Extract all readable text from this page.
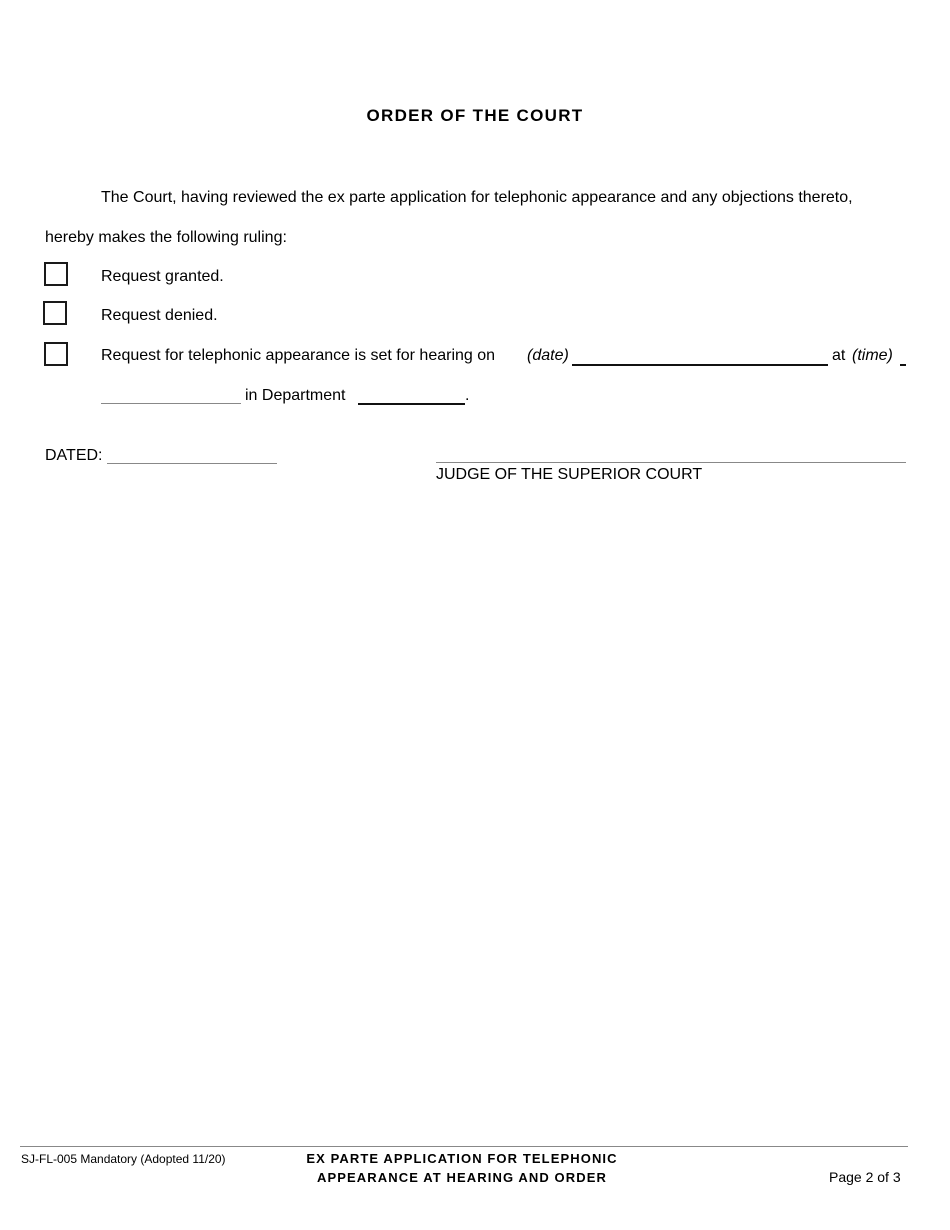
ORDER OF THE COURT
The Court, having reviewed the ex parte application for telephonic appearance and any objections thereto,
hereby makes the following ruling:
Request granted.
Request denied.
Request for telephonic appearance is set for hearing on (date)	at (time)
in Department	.
DATED:
JUDGE OF THE SUPERIOR COURT
SJ-FL-005 Mandatory (Adopted 11/20)	EX PARTE APPLICATION FOR TELEPHONIC
APPEARANCE AT HEARING AND ORDER	Page 2 of 3
